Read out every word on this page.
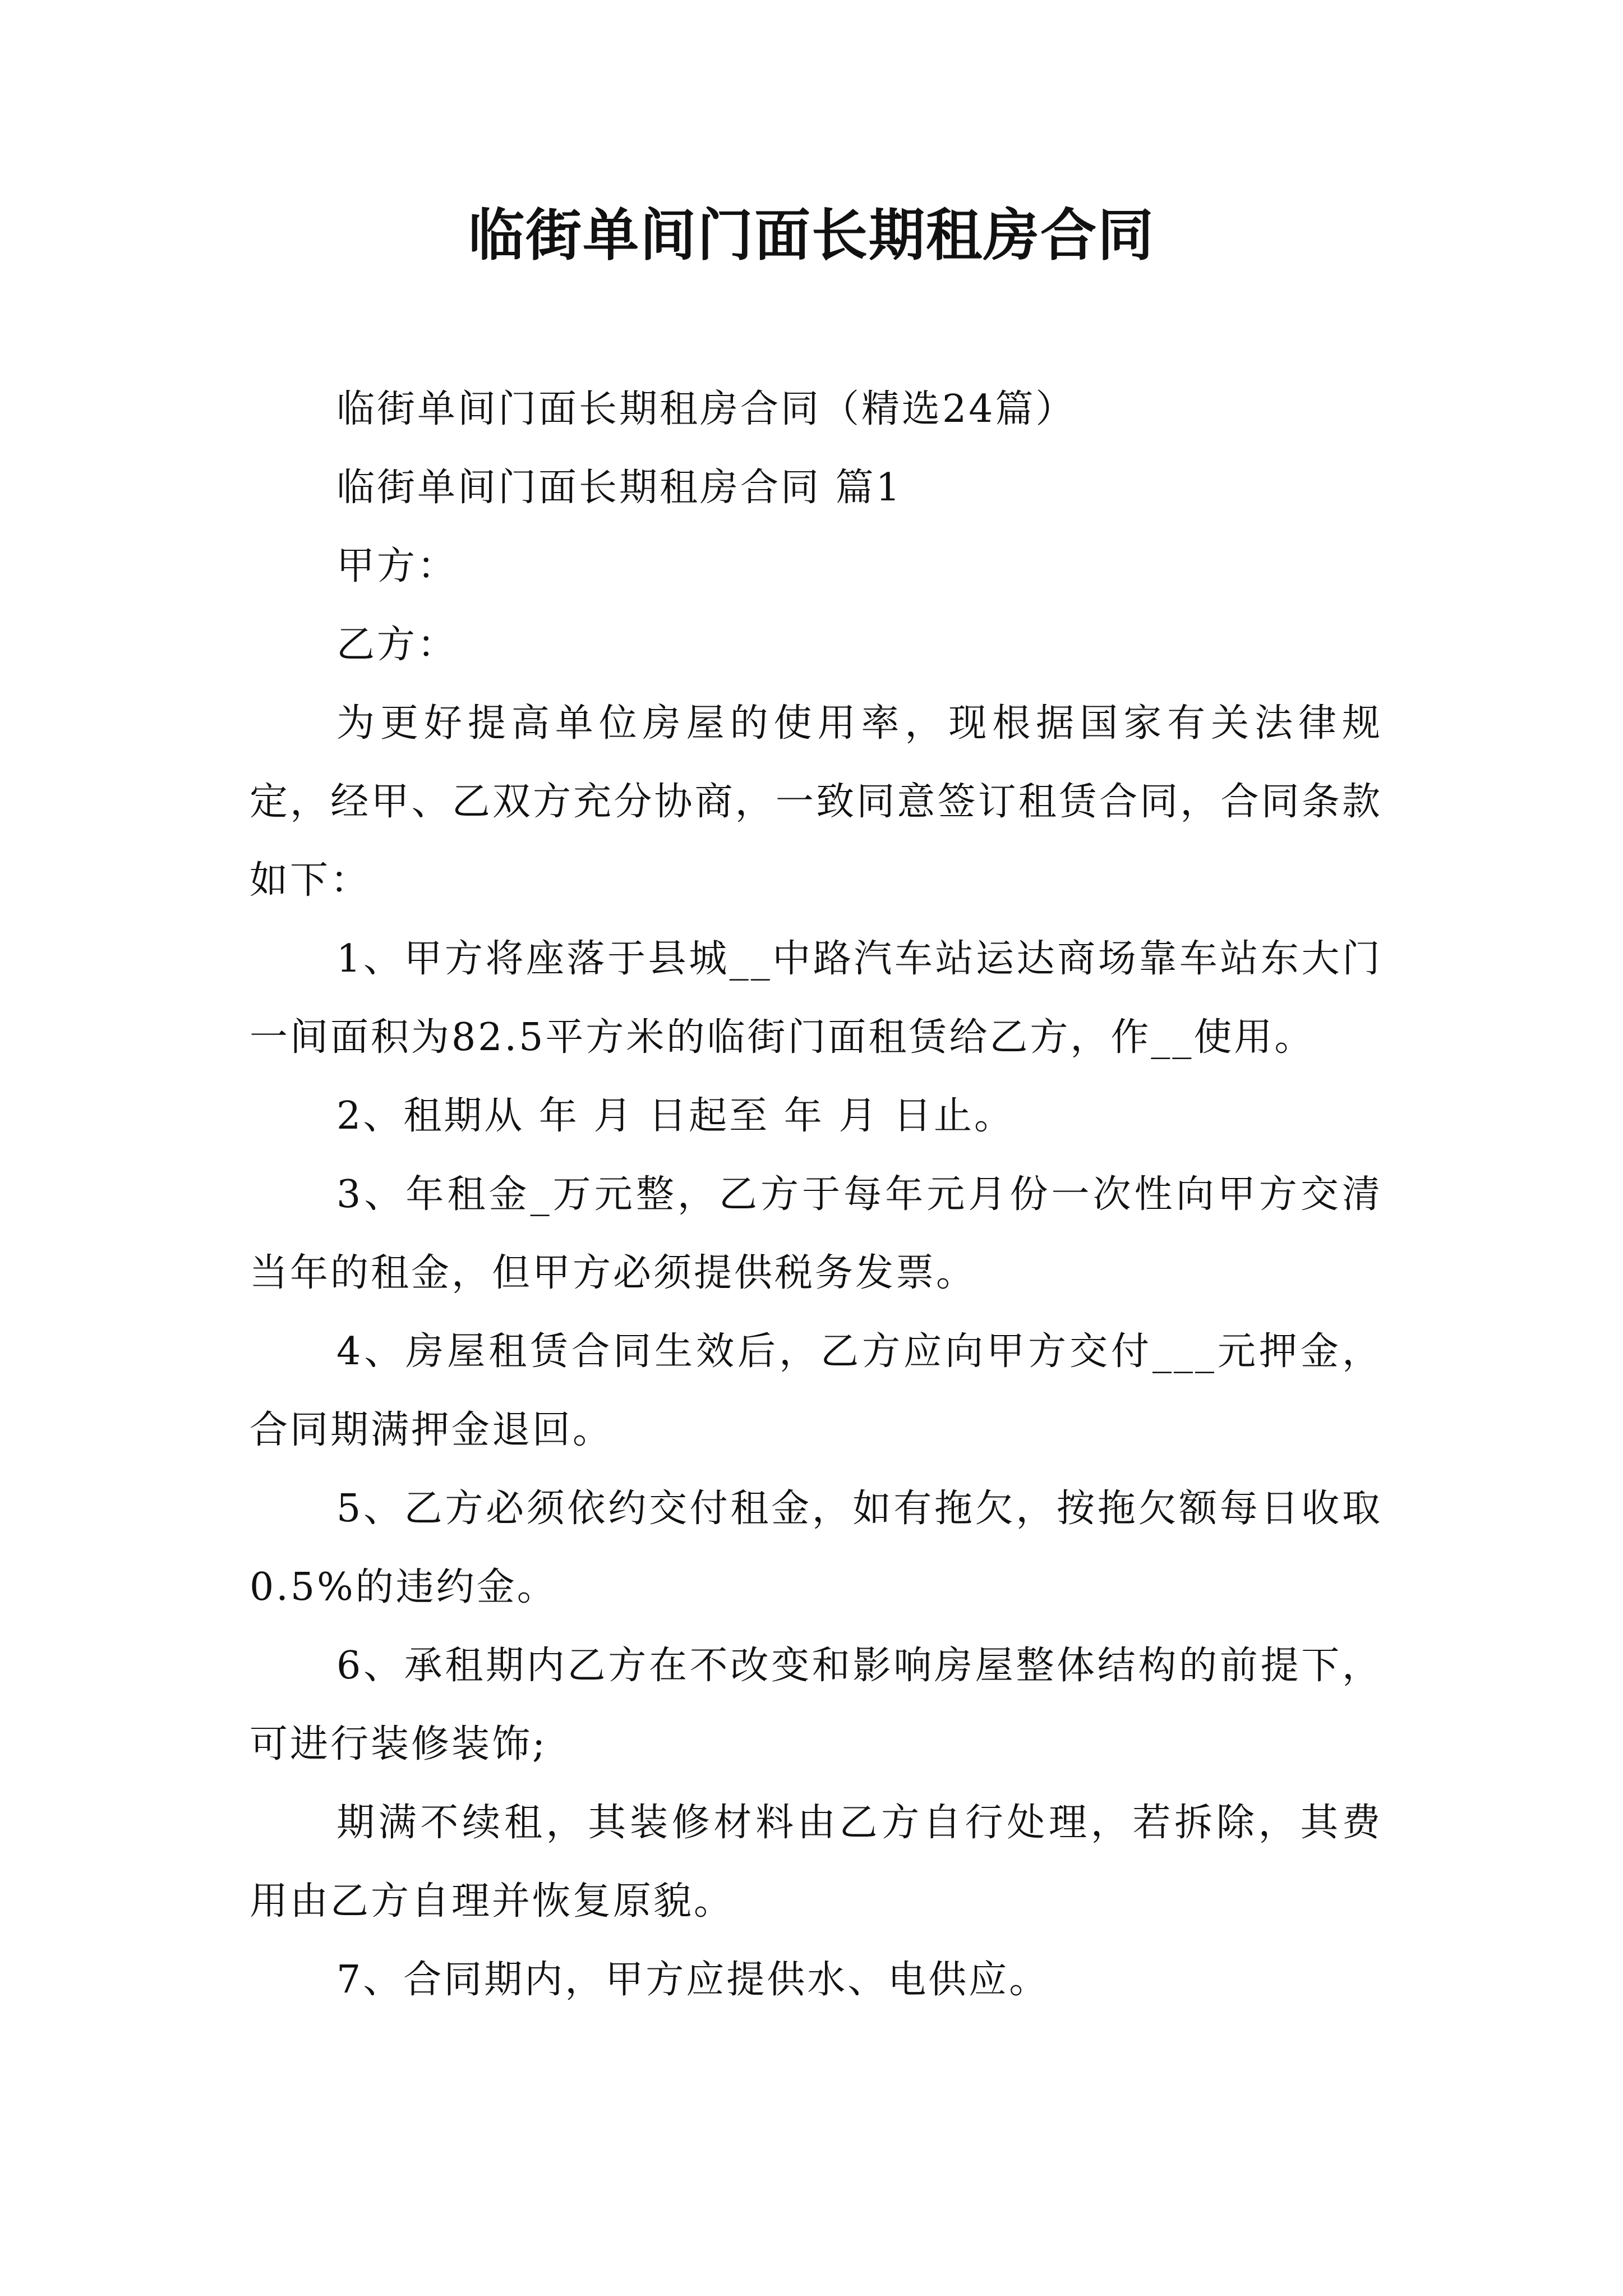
临街单间门面长期租房合同

临街单间门面长期租房合同（精选24篇）

临街单间门面长期租房合同 篇1

甲方：

乙方：

为更好提高单位房屋的使用率，现根据国家有关法律规定，经甲、乙双方充分协商，一致同意签订租赁合同，合同条款如下：

1、甲方将座落于县城__中路汽车站运达商场靠车站东大门一间面积为82.5平方米的临街门面租赁给乙方，作__使用。

2、租期从 年 月 日起至 年 月 日止。

3、年租金_万元整，乙方于每年元月份一次性向甲方交清当年的租金，但甲方必须提供税务发票。

4、房屋租赁合同生效后，乙方应向甲方交付___元押金，合同期满押金退回。

5、乙方必须依约交付租金，如有拖欠，按拖欠额每日收取0.5%的违约金。

6、承租期内乙方在不改变和影响房屋整体结构的前提下，可进行装修装饰;

期满不续租，其装修材料由乙方自行处理，若拆除，其费用由乙方自理并恢复原貌。

7、合同期内，甲方应提供水、电供应。
